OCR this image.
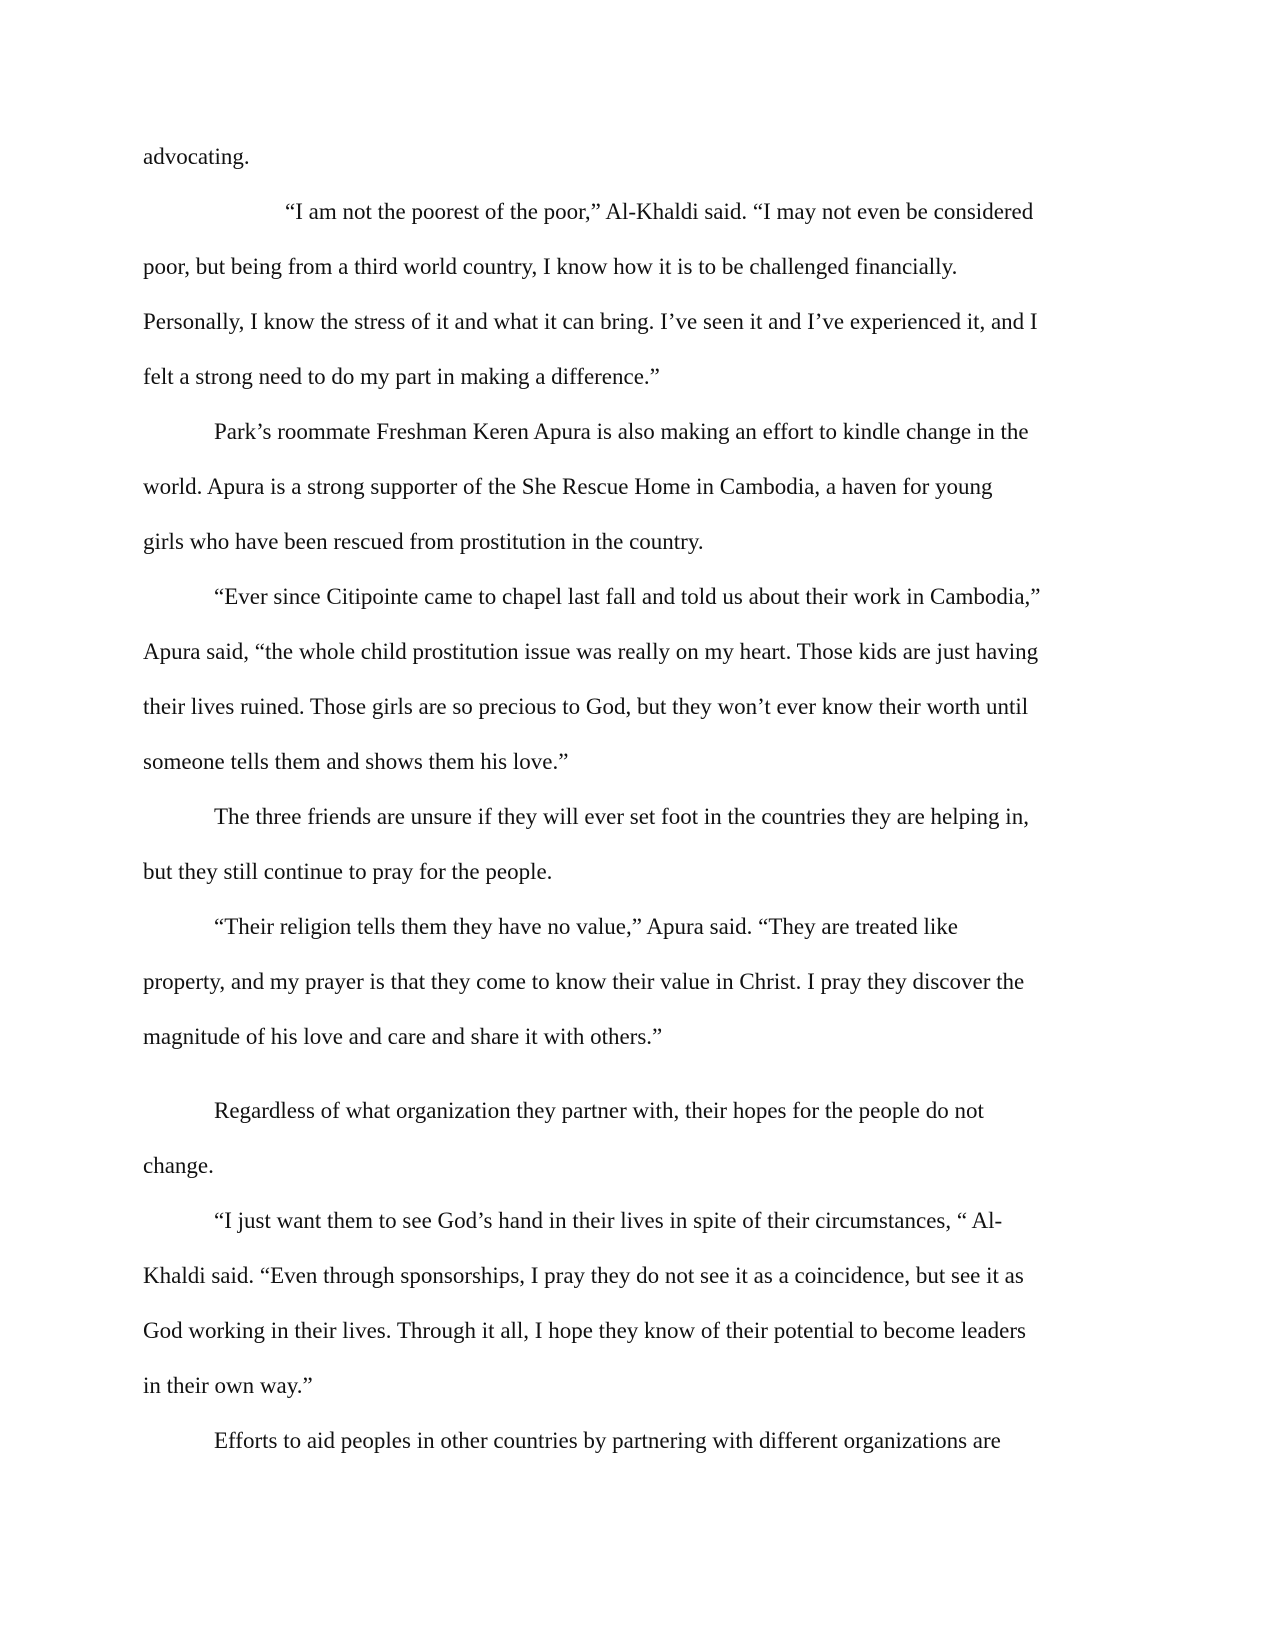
advocating.

“I am not the poorest of the poor,” Al-Khaldi said. “I may not even be considered

poor, but being from a third world country, I know how it is to be challenged financially.

Personally, I know the stress of it and what it can bring. I’ve seen it and I’ve experienced it, and I

felt a strong need to do my part in making a difference.”

Park’s roommate Freshman Keren Apura is also making an effort to kindle change in the

world. Apura is a strong supporter of the She Rescue Home in Cambodia, a haven for young

girls who have been rescued from prostitution in the country.

“Ever since Citipointe came to chapel last fall and told us about their work in Cambodia,”

Apura said, “the whole child prostitution issue was really on my heart. Those kids are just having

their lives ruined. Those girls are so precious to God, but they won’t ever know their worth until

someone tells them and shows them his love.”

The three friends are unsure if they will ever set foot in the countries they are helping in,

but they still continue to pray for the people.

“Their religion tells them they have no value,” Apura said. “They are treated like

property, and my prayer is that they come to know their value in Christ. I pray they discover the

magnitude of his love and care and share it with others.”

Regardless of what organization they partner with, their hopes for the people do not

change.

“I just want them to see God’s hand in their lives in spite of their circumstances, “ Al-

Khaldi said. “Even through sponsorships, I pray they do not see it as a coincidence, but see it as

God working in their lives. Through it all, I hope they know of their potential to become leaders

in their own way.”

Efforts to aid peoples in other countries by partnering with different organizations are
